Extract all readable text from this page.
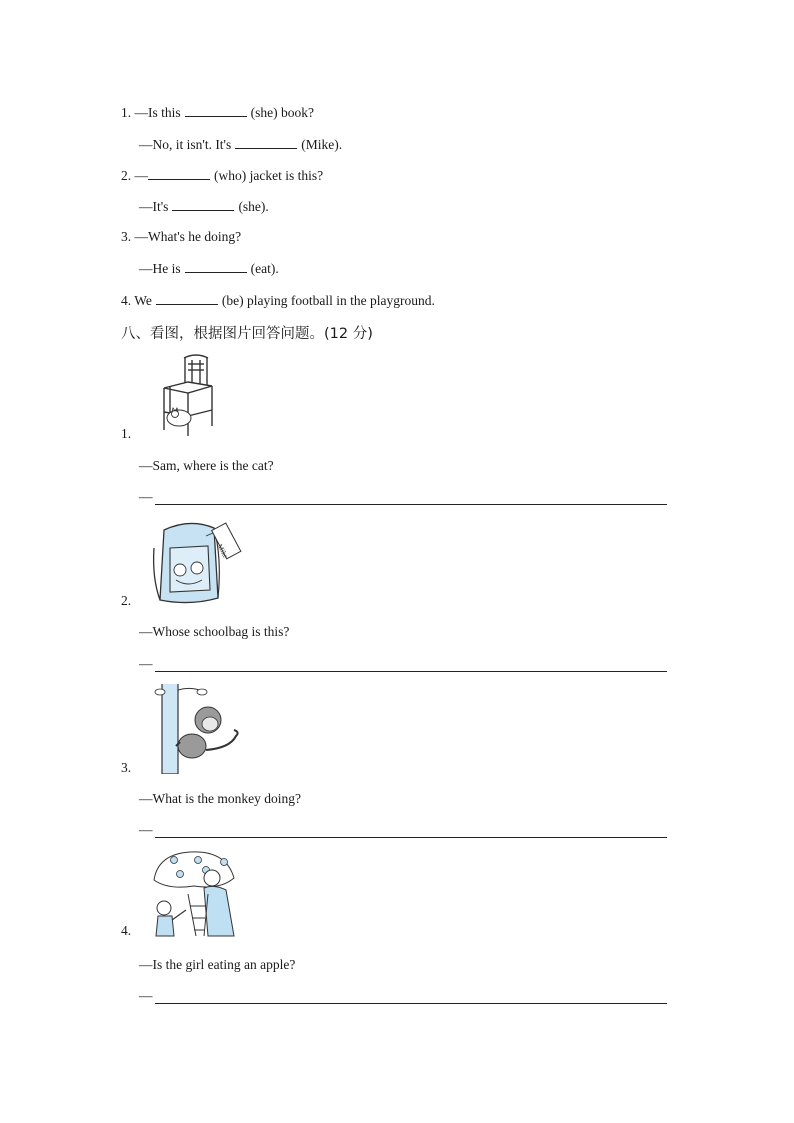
1. —Is this	(she) book?
—No, it isn't. It's	(Mike).
2. —	(who) jacket is this?
—It's	(she).
3. —What's he doing?
—He is	(eat).
4. We	(be) playing football in the playground.
八、看图，根据图片回答问题。(12 分)
1.
—Sam, where is the cat?
—
Mike
2.
—Whose schoolbag is this?
—
3.
—What is the monkey doing?
—
4.
—Is the girl eating an apple?
—
